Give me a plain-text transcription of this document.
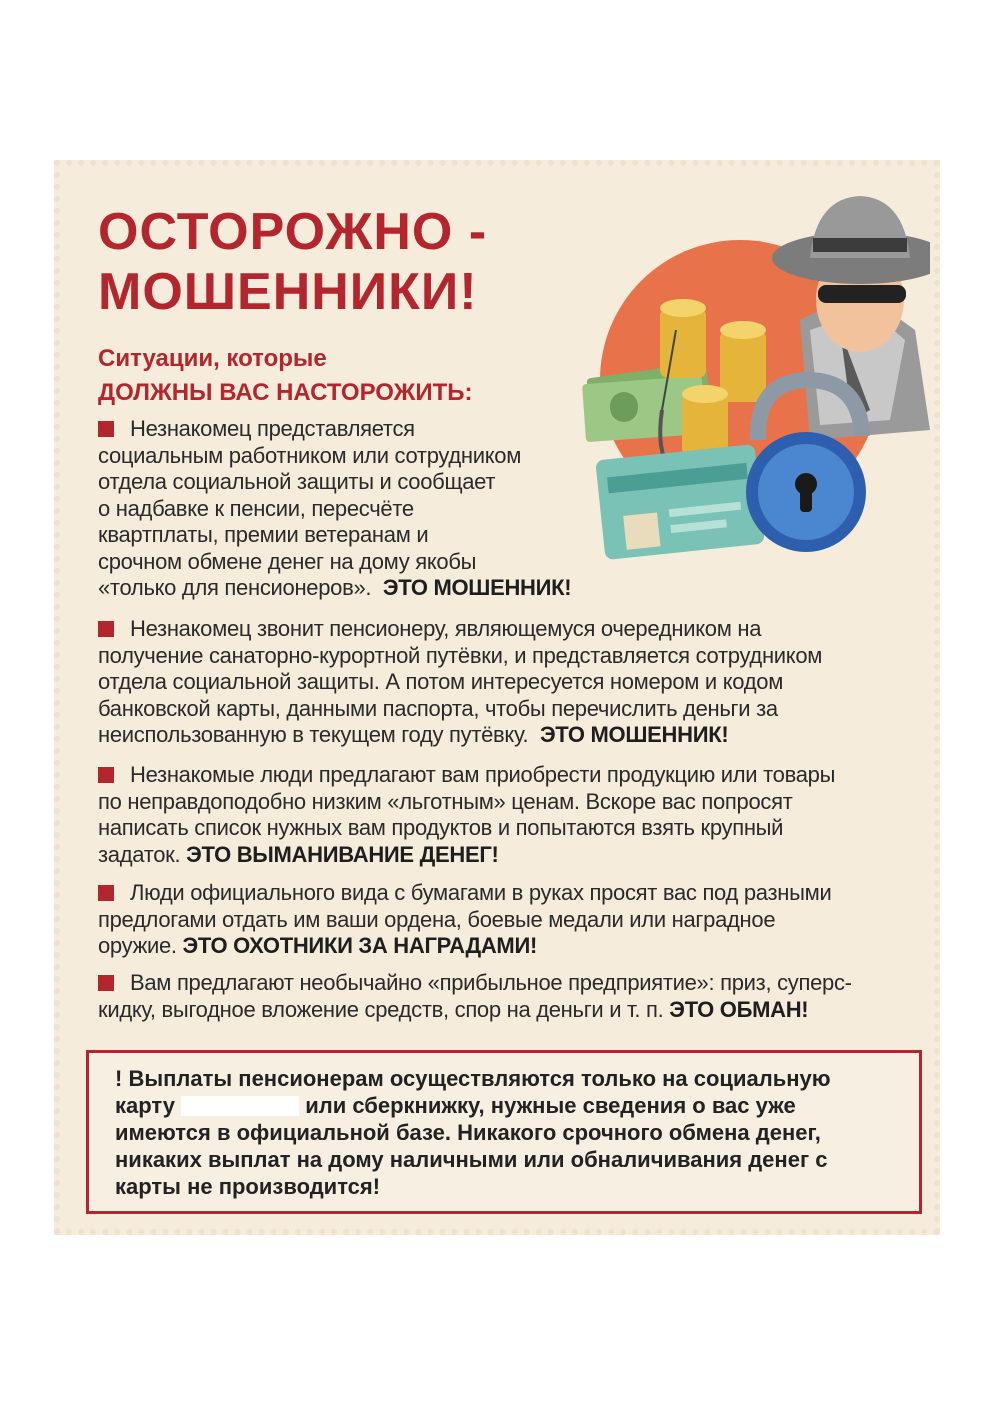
ОСТОРОЖНО -
МОШЕННИКИ!
Ситуации, которые
ДОЛЖНЫ ВАС НАСТОРОЖИТЬ:
Незнакомец представляется
социальным работником или сотрудником
отдела социальной защиты и сообщает
о надбавке к пенсии, пересчёте
квартплаты, премии ветеранам и
срочном обмене денег на дому якобы
«только для пенсионеров». ЭТО МОШЕННИК!
Незнакомец звонит пенсионеру, являющемуся очередником на
получение санаторно-курортной путёвки, и представляется сотрудником
отдела социальной защиты. А потом интересуется номером и кодом
банковской карты, данными паспорта, чтобы перечислить деньги за
неиспользованную в текущем году путёвку. ЭТО МОШЕННИК!
Незнакомые люди предлагают вам приобрести продукцию или товары
по неправдоподобно низким «льготным» ценам. Вскоре вас попросят
написать список нужных вам продуктов и попытаются взять крупный
задаток. ЭТО ВЫМАНИВАНИЕ ДЕНЕГ!
Люди официального вида с бумагами в руках просят вас под разными
предлогами отдать им ваши ордена, боевые медали или наградное
оружие. ЭТО ОХОТНИКИ ЗА НАГРАДАМИ!
Вам предлагают необычайно «прибыльное предприятие»: приз, суперс-
кидку, выгодное вложение средств, спор на деньги и т. п. ЭТО ОБМАН!
! Выплаты пенсионерам осуществляются только на социальную
карту	или сберкнижку, нужные сведения о вас уже
имеются в официальной базе. Никакого срочного обмена денег,
никаких выплат на дому наличными или обналичивания денег с
карты не производится!
